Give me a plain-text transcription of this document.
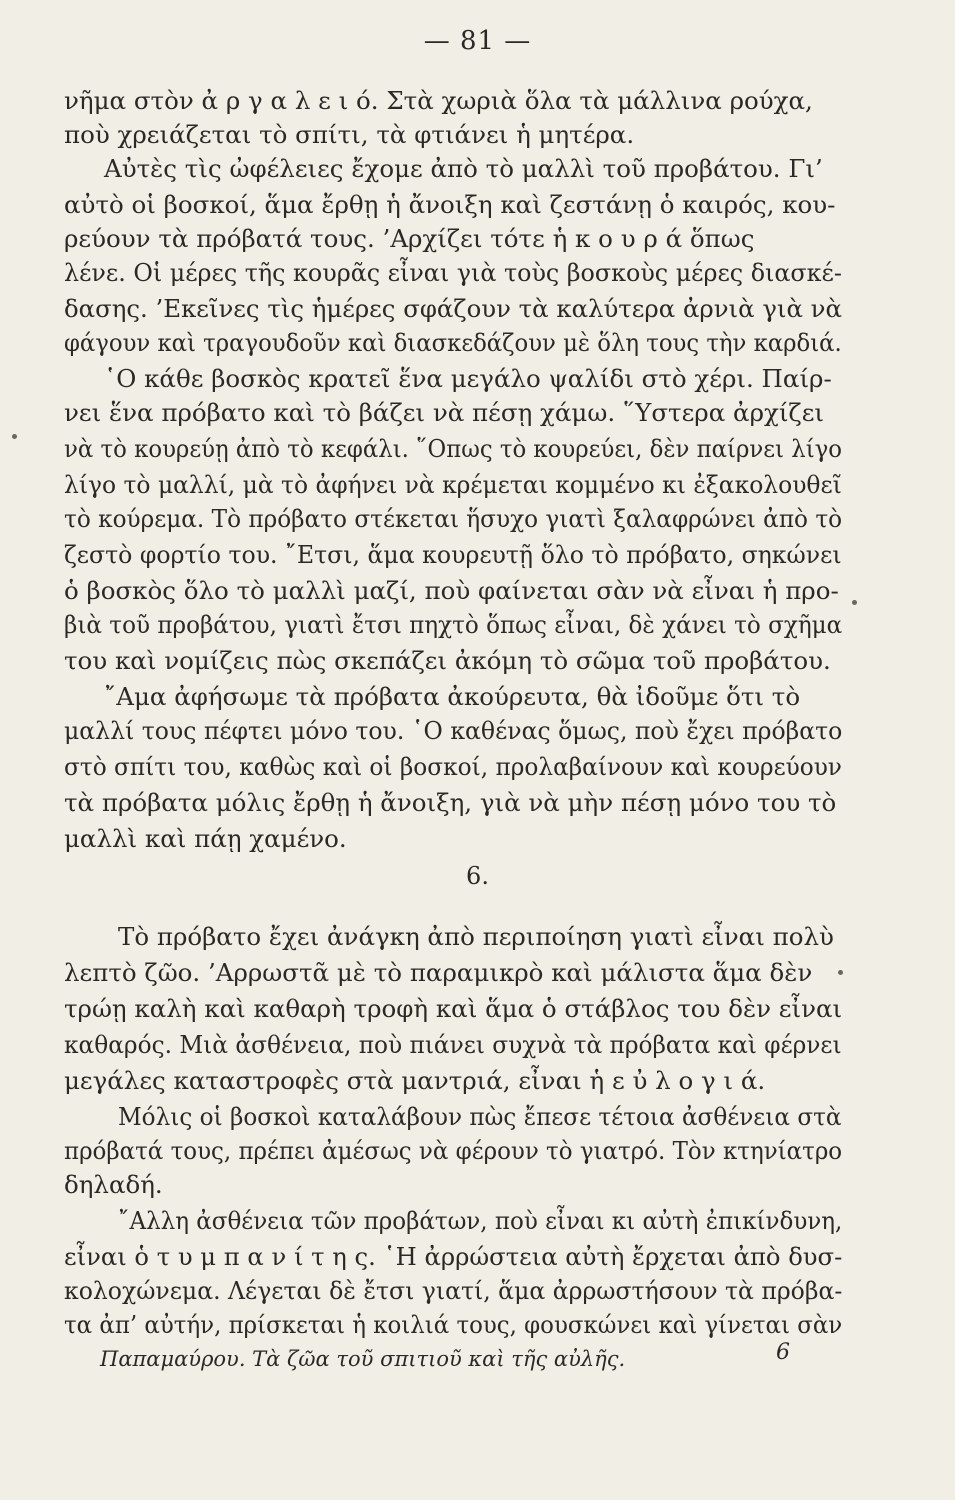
— 81 —
νῆμα στὸν ἀ ρ γ α λ ε ι ό. Στὰ χωριὰ ὅλα τὰ μάλλινα ρούχα,
ποὺ χρειάζεται τὸ σπίτι, τὰ φτιάνει ἡ μητέρα.
Αὐτὲς τὶς ὠφέλειες ἔχομε ἀπὸ τὸ μαλλὶ τοῦ προβάτου. Γι’
αὐτὸ οἱ βοσκοί, ἅμα ἔρθῃ ἡ ἄνοιξη καὶ ζεστάνῃ ὁ καιρός, κου-
ρεύουν τὰ πρόβατά τους. ’Αρχίζει τότε ἡ κ ο υ ρ ά ὅπως
λένε. Οἱ μέρες τῆς κουρᾶς εἶναι γιὰ τοὺς βοσκοὺς μέρες διασκέ-
δασης. ’Εκεῖνες τὶς ἡμέρες σφάζουν τὰ καλύτερα ἀρνιὰ γιὰ νὰ
φάγουν καὶ τραγουδοῦν καὶ διασκεδάζουν μὲ ὅλη τους τὴν καρδιά.
῾Ο κάθε βοσκὸς κρατεῖ ἕνα μεγάλο ψαλίδι στὸ χέρι. Παίρ-
νει ἕνα πρόβατο καὶ τὸ βάζει νὰ πέσῃ χάμω. ῞Υστερα ἀρχίζει
νὰ τὸ κουρεύῃ ἀπὸ τὸ κεφάλι. ῞Οπως τὸ κουρεύει, δὲν παίρνει λίγο
λίγο τὸ μαλλί, μὰ τὸ ἀφήνει νὰ κρέμεται κομμένο κι ἐξακολουθεῖ
τὸ κούρεμα. Τὸ πρόβατο στέκεται ἥσυχο γιατὶ ξαλαφρώνει ἀπὸ τὸ
ζεστὸ φορτίο του. ῎Ετσι, ἅμα κουρευτῇ ὅλο τὸ πρόβατο, σηκώνει
ὁ βοσκὸς ὅλο τὸ μαλλὶ μαζί, ποὺ φαίνεται σὰν νὰ εἶναι ἡ προ-
βιὰ τοῦ προβάτου, γιατὶ ἔτσι πηχτὸ ὅπως εἶναι, δὲ χάνει τὸ σχῆμα
του καὶ νομίζεις πὼς σκεπάζει ἀκόμη τὸ σῶμα τοῦ προβάτου.
῎Αμα ἀφήσωμε τὰ πρόβατα ἀκούρευτα, θὰ ἰδοῦμε ὅτι τὸ
μαλλί τους πέφτει μόνο του. ῾Ο καθένας ὅμως, ποὺ ἔχει πρόβατο
στὸ σπίτι του, καθὼς καὶ οἱ βοσκοί, προλαβαίνουν καὶ κουρεύουν
τὰ πρόβατα μόλις ἔρθῃ ἡ ἄνοιξη, γιὰ νὰ μὴν πέσῃ μόνο του τὸ
μαλλὶ καὶ πάῃ χαμένο.
6.
Τὸ πρόβατο ἔχει ἀνάγκη ἀπὸ περιποίηση γιατὶ εἶναι πολὺ
λεπτὸ ζῶο. ’Αρρωστᾶ μὲ τὸ παραμικρὸ καὶ μάλιστα ἅμα δὲν
τρώῃ καλὴ καὶ καθαρὴ τροφὴ καὶ ἅμα ὁ στάβλος του δὲν εἶναι
καθαρός. Μιὰ ἀσθένεια, ποὺ πιάνει συχνὰ τὰ πρόβατα καὶ φέρνει
μεγάλες καταστροφὲς στὰ μαντριά, εἶναι ἡ ε ὐ λ ο γ ι ά.
Μόλις οἱ βοσκοὶ καταλάβουν πὼς ἔπεσε τέτοια ἀσθένεια στὰ
πρόβατά τους, πρέπει ἀμέσως νὰ φέρουν τὸ γιατρό. Τὸν κτηνίατρο
δηλαδή.
῎Αλλη ἀσθένεια τῶν προβάτων, ποὺ εἶναι κι αὐτὴ ἐπικίνδυνη,
εἶναι ὁ τ υ μ π α ν ί τ η ς. ῾Η ἀρρώστεια αὐτὴ ἔρχεται ἀπὸ δυσ-
κολοχώνεμα. Λέγεται δὲ ἔτσι γιατί, ἅμα ἀρρωστήσουν τὰ πρόβα-
τα ἀπ’ αὐτήν, πρίσκεται ἡ κοιλιά τους, φουσκώνει καὶ γίνεται σὰν
Παπαμαύρου. Τὰ ζῶα τοῦ σπιτιοῦ καὶ τῆς αὐλῆς.	6
